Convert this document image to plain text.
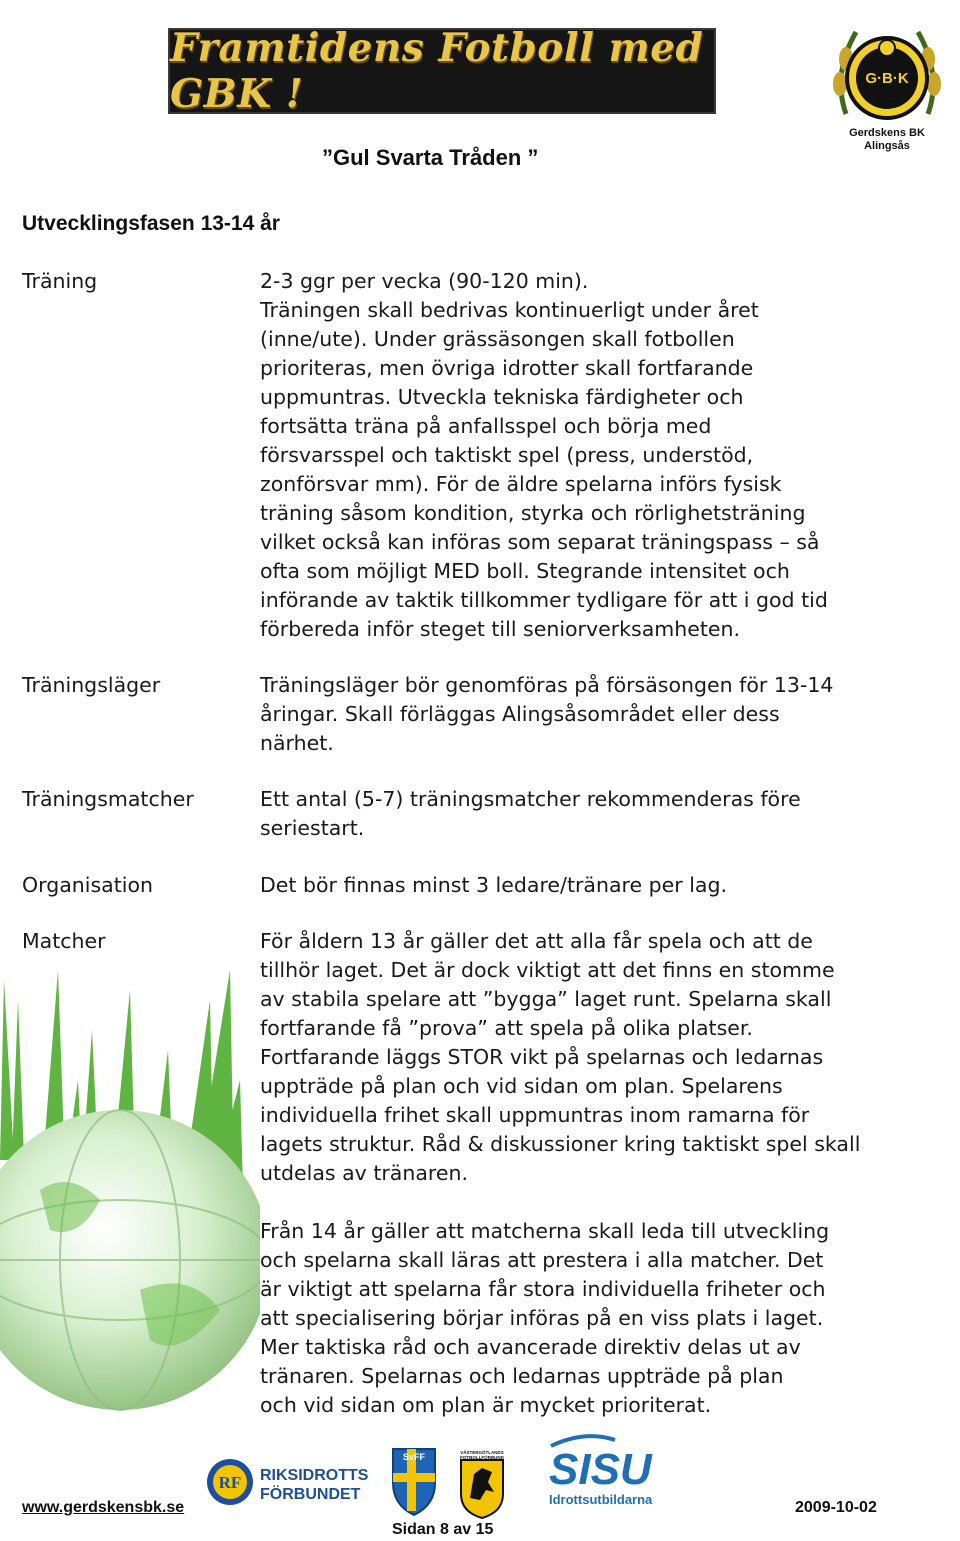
Framtidens Fotboll med GBK !	G·B·K
1933
Gerdskens BK
Alingsås
”Gul Svarta Tråden ”
Utvecklingsfasen 13-14 år
Träning	2-3 ggr per vecka (90-120 min).
Träningen skall bedrivas kontinuerligt under året
(inne/ute). Under grässäsongen skall fotbollen
prioriteras, men övriga idrotter skall fortfarande
uppmuntras. Utveckla tekniska färdigheter och
fortsätta träna på anfallsspel och börja med
försvarsspel och taktiskt spel (press, understöd,
zonförsvar mm). För de äldre spelarna införs fysisk
träning såsom kondition, styrka och rörlighetsträning
vilket också kan införas som separat träningspass – så
ofta som möjligt MED boll. Stegrande intensitet och
införande av taktik tillkommer tydligare för att i god tid
förbereda inför steget till seniorverksamheten.
Träningsläger	Träningsläger bör genomföras på försäsongen för 13-14
åringar. Skall förläggas Alingsåsområdet eller dess
närhet.
Träningsmatcher	Ett antal (5-7) träningsmatcher rekommenderas före
seriestart.
Organisation	Det bör finnas minst 3 ledare/tränare per lag.
Matcher	För åldern 13 år gäller det att alla får spela och att de
tillhör laget. Det är dock viktigt att det finns en stomme
av stabila spelare att ”bygga” laget runt. Spelarna skall
fortfarande få ”prova” att spela på olika platser.
Fortfarande läggs STOR vikt på spelarnas och ledarnas
uppträde på plan och vid sidan om plan. Spelarens
individuella frihet skall uppmuntras inom ramarna för
lagets struktur. Råd & diskussioner kring taktiskt spel skall
utdelas av tränaren.
Från 14 år gäller att matcherna skall leda till utveckling
och spelarna skall läras att prestera i alla matcher. Det
är viktigt att spelarna får stora individuella friheter och
att specialisering börjar införas på en viss plats i laget.
Mer taktiska råd och avancerade direktiv delas ut av
tränaren. Spelarnas och ledarnas uppträde på plan
och vid sidan om plan är mycket prioriterat.
www.gerdskensbk.se
RF RIKSIDROTTS
FÖRBUNDET
SvFF	VÄSTERGÖTLANDS
FOTBOLLFÖRBUND SISU
Idrottsutbildarna	2009-10-02
Sidan 8 av 15
